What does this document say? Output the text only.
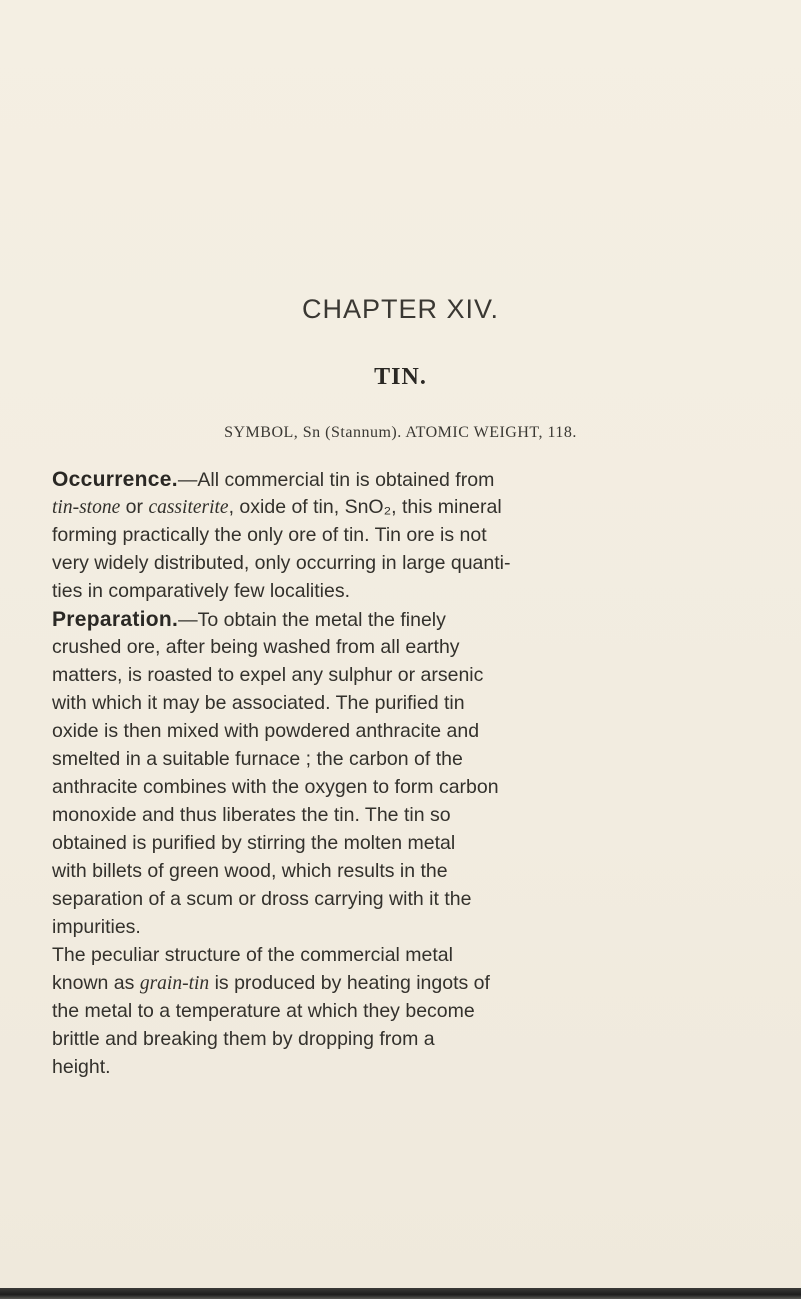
CHAPTER XIV.
TIN.
SYMBOL, Sn (Stannum). ATOMIC WEIGHT, 118.
Occurrence.—All commercial tin is obtained from
tin-stone or cassiterite, oxide of tin, SnO₂, this mineral
forming practically the only ore of tin. Tin ore is not
very widely distributed, only occurring in large quanti-
ties in comparatively few localities.
Preparation.—To obtain the metal the finely
crushed ore, after being washed from all earthy
matters, is roasted to expel any sulphur or arsenic
with which it may be associated. The purified tin
oxide is then mixed with powdered anthracite and
smelted in a suitable furnace ; the carbon of the
anthracite combines with the oxygen to form carbon
monoxide and thus liberates the tin. The tin so
obtained is purified by stirring the molten metal
with billets of green wood, which results in the
separation of a scum or dross carrying with it the
impurities.
The peculiar structure of the commercial metal
known as grain-tin is produced by heating ingots of
the metal to a temperature at which they become
brittle and breaking them by dropping from a
height.
